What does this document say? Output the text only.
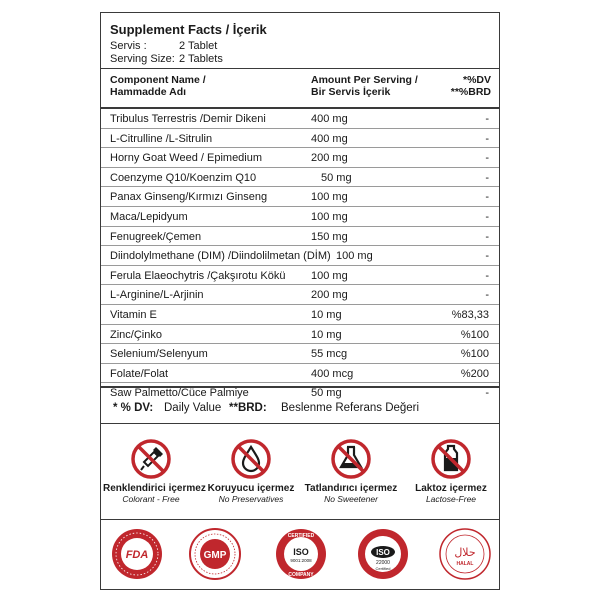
Supplement Facts / İçerik
Servis :	2 Tablet
Serving Size: 2 Tablets
Component Name /
Hammadde Adı
Amount Per Serving /
Bir Servis İçerik
*%DV
**%BRD
Tribulus Terrestris /Demir Dikeni	400 mg	-
L-Citrulline /L-Sitrulin	400 mg	-
Horny Goat Weed / Epimedium	200 mg	-
Coenzyme Q10/Koenzim Q10	50 mg	-
Panax Ginseng/Kırmızı Ginseng	100 mg	-
Maca/Lepidyum	100 mg	-
Fenugreek/Çemen	150 mg	-
Diindolylmethane (DIM) /Diindolilmetan (DİM) 100 mg	-
Ferula Elaeochytris /Çakşırotu Kökü 100 mg	-
L-Arginine/L-Arjinin	200 mg	-
Vitamin E	10 mg	%83,33
Zinc/Çinko	10 mg	%100
Selenium/Selenyum	55 mcg	%100
Folate/Folat	400 mcg	%200
Saw Palmetto/Cüce Palmiye	50 mg	-
* % DV: Daily Value **BRD: Beslenme Referans Değeri
Renklendirici içermez
Colorant - Free
Koruyucu içermez
No Preservatives
Tatlandırıcı içermez
No Sweetener
Laktoz içermez
Lactose-Free
FDA	GMP
CERTIFIED
ISO
9001:2008
COMPANY
ISO
22000
Certified
حلال
HALAL
